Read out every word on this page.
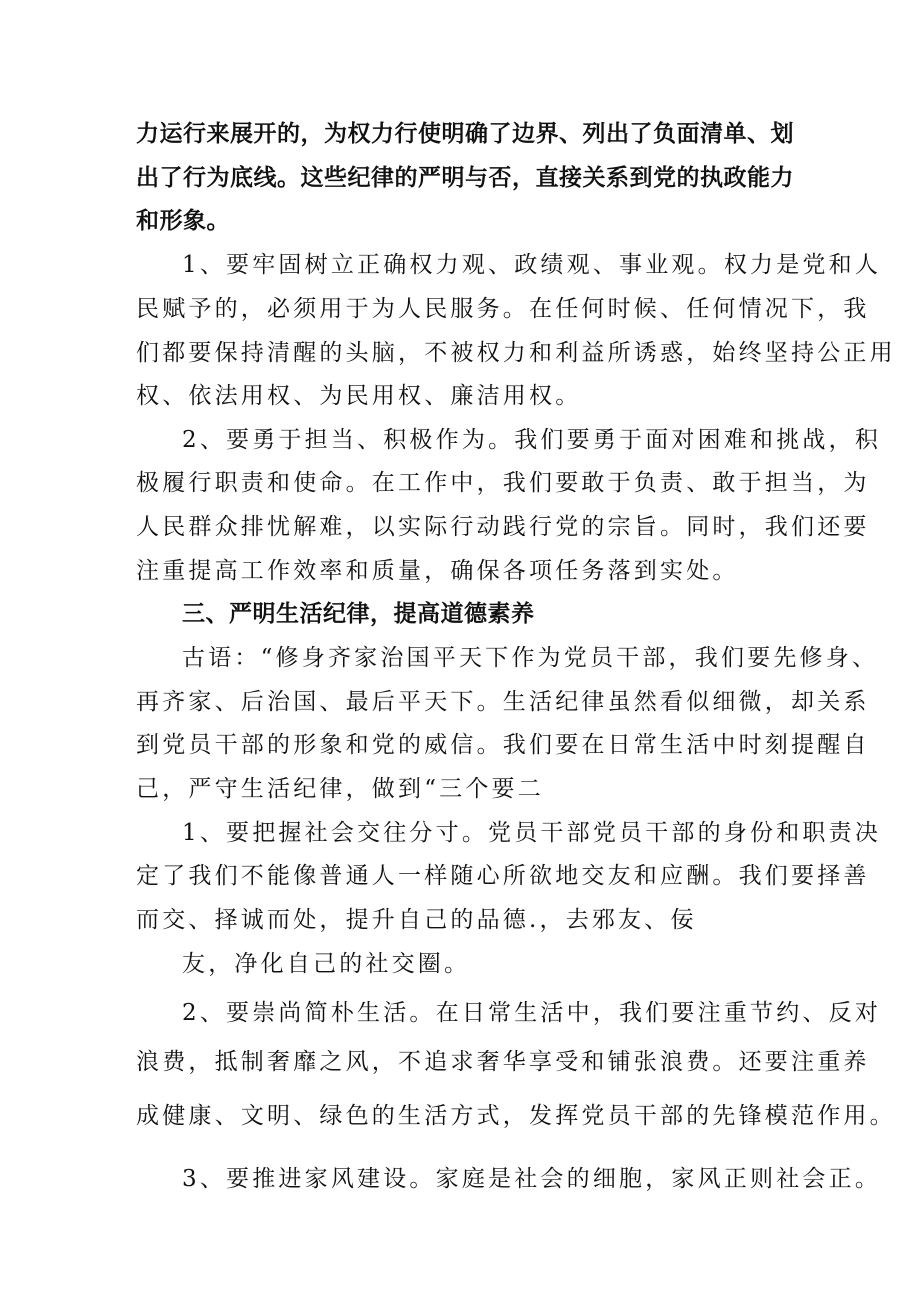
力运行来展开的，为权力行使明确了边界、列出了负面清单、划
出了行为底线。这些纪律的严明与否，直接关系到党的执政能力
和形象。
1、要牢固树立正确权力观、政绩观、事业观。权力是党和人
民赋予的，必须用于为人民服务。在任何时候、任何情况下，我
们都要保持清醒的头脑，不被权力和利益所诱惑，始终坚持公正用
权、依法用权、为民用权、廉洁用权。
2、要勇于担当、积极作为。我们要勇于面对困难和挑战，积
极履行职责和使命。在工作中，我们要敢于负责、敢于担当，为
人民群众排忧解难，以实际行动践行党的宗旨。同时，我们还要
注重提高工作效率和质量，确保各项任务落到实处。
三、严明生活纪律，提高道德素养
古语：“修身齐家治国平天下作为党员干部，我们要先修身、
再齐家、后治国、最后平天下。生活纪律虽然看似细微，却关系
到党员干部的形象和党的威信。我们要在日常生活中时刻提醒自
己，严守生活纪律，做到“三个要二
1、要把握社会交往分寸。党员干部党员干部的身份和职责决
定了我们不能像普通人一样随心所欲地交友和应酬。我们要择善
而交、择诚而处，提升自己的品德.，去邪友、佞
友，净化自己的社交圈。
2、要崇尚简朴生活。在日常生活中，我们要注重节约、反对
浪费，抵制奢靡之风，不追求奢华享受和铺张浪费。还要注重养
成健康、文明、绿色的生活方式，发挥党员干部的先锋模范作用。
3、要推进家风建设。家庭是社会的细胞，家风正则社会正。
